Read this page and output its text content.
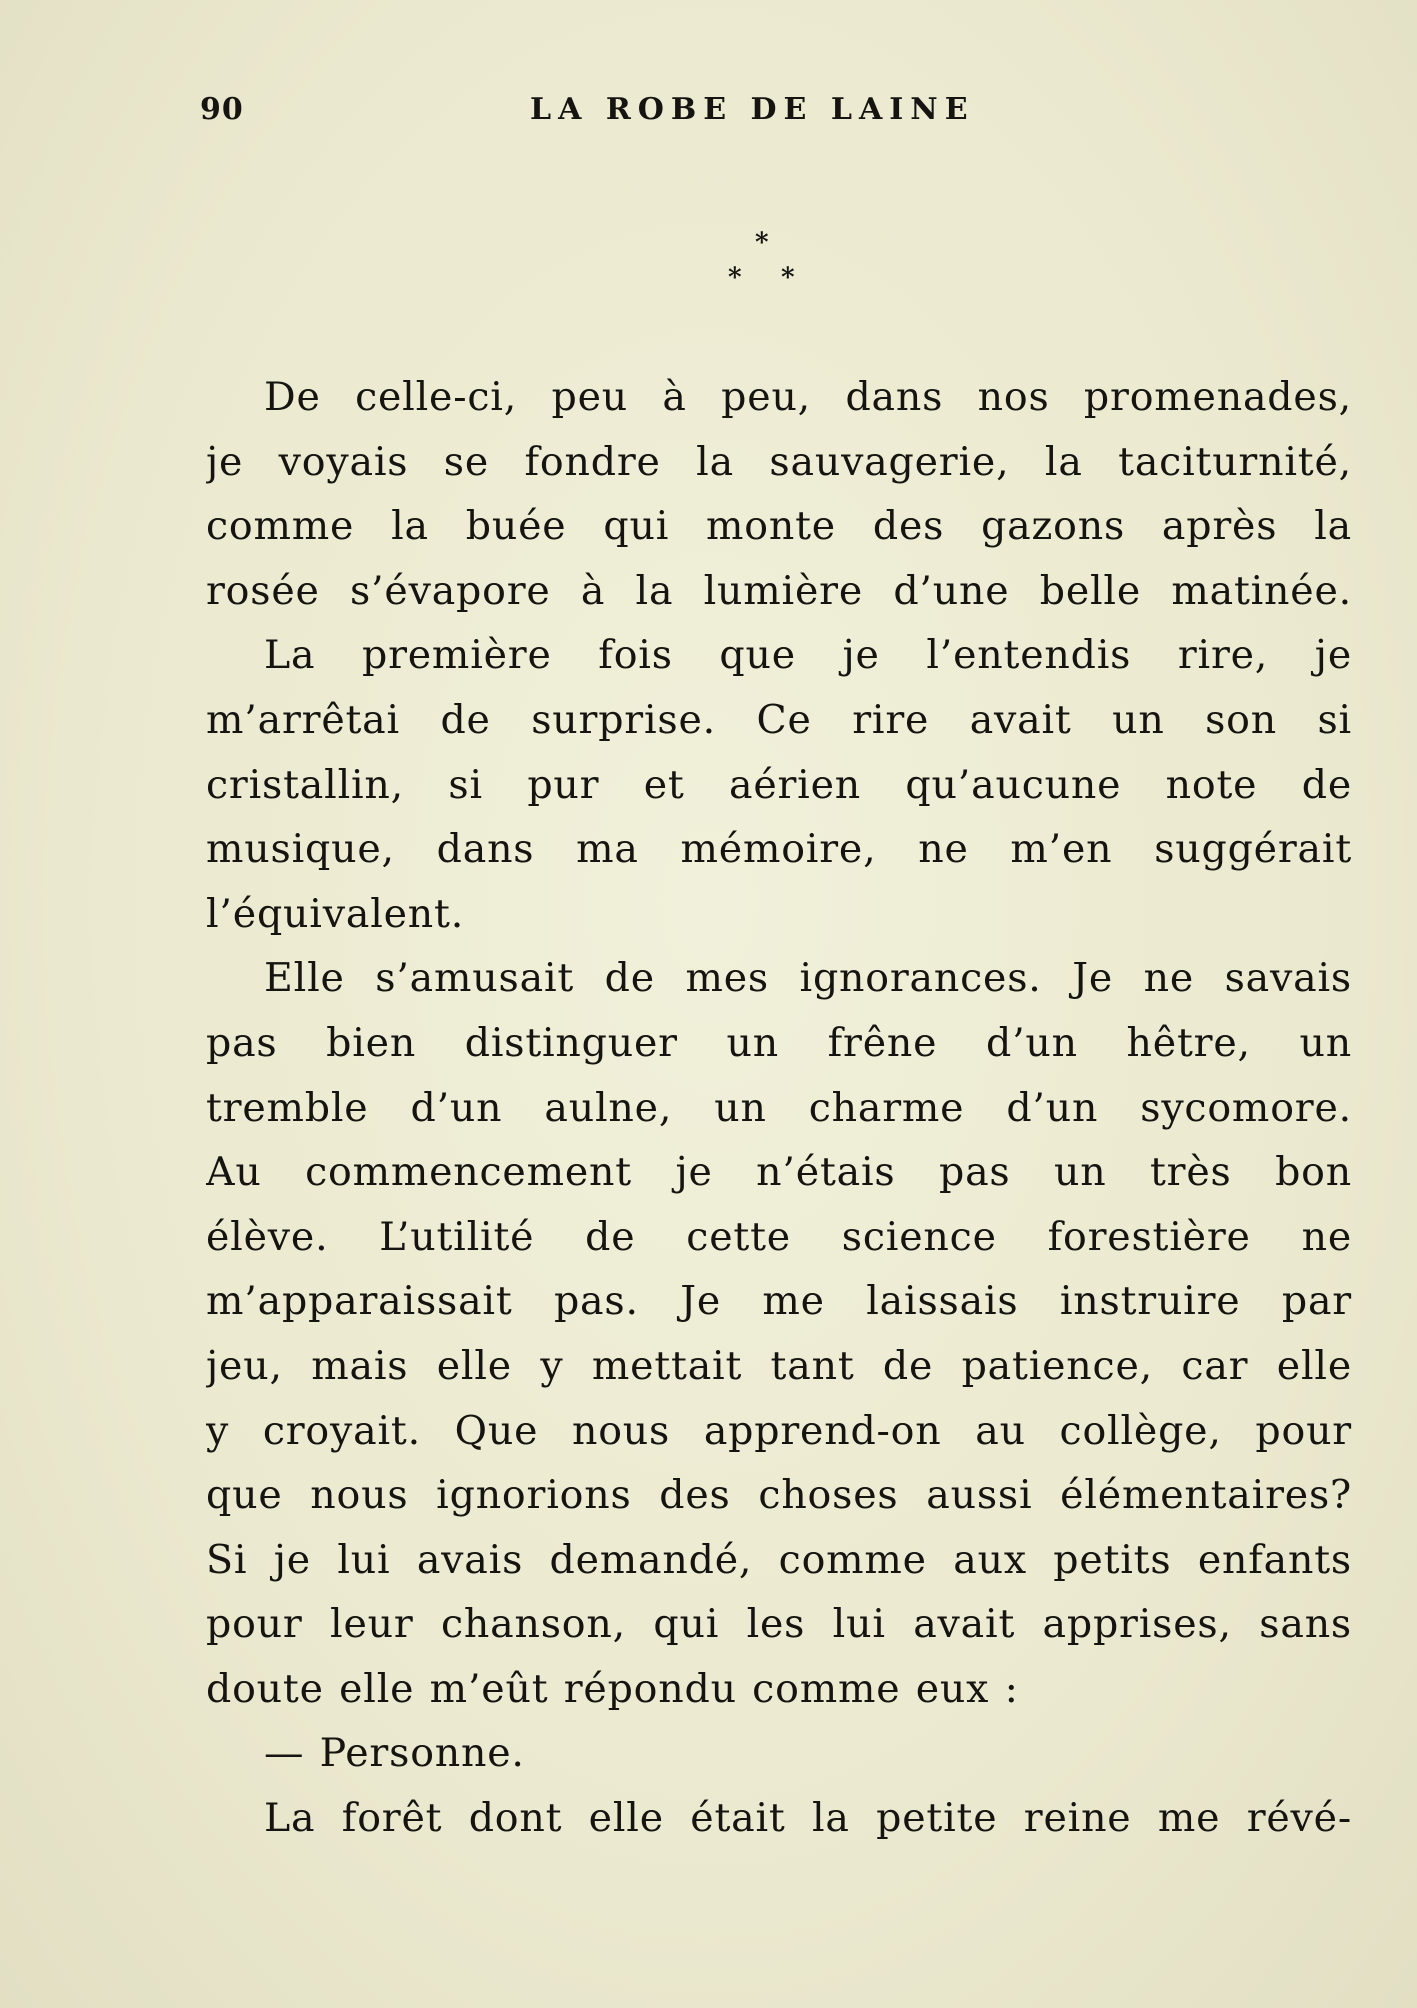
90	LA ROBE DE LAINE
*
* *
De celle-ci, peu à peu, dans nos promenades,
je voyais se fondre la sauvagerie, la taciturnité,
comme la buée qui monte des gazons après la
rosée s’évapore à la lumière d’une belle matinée.
La première fois que je l’entendis rire, je
m’arrêtai de surprise. Ce rire avait un son si
cristallin, si pur et aérien qu’aucune note de
musique, dans ma mémoire, ne m’en suggérait
l’équivalent.
Elle s’amusait de mes ignorances. Je ne savais
pas bien distinguer un frêne d’un hêtre, un
tremble d’un aulne, un charme d’un sycomore.
Au commencement je n’étais pas un très bon
élève. L’utilité de cette science forestière ne
m’apparaissait pas. Je me laissais instruire par
jeu, mais elle y mettait tant de patience, car elle
y croyait. Que nous apprend-on au collège, pour
que nous ignorions des choses aussi élémentaires?
Si je lui avais demandé, comme aux petits enfants
pour leur chanson, qui les lui avait apprises, sans
doute elle m’eût répondu comme eux :
— Personne.
La forêt dont elle était la petite reine me révé-
